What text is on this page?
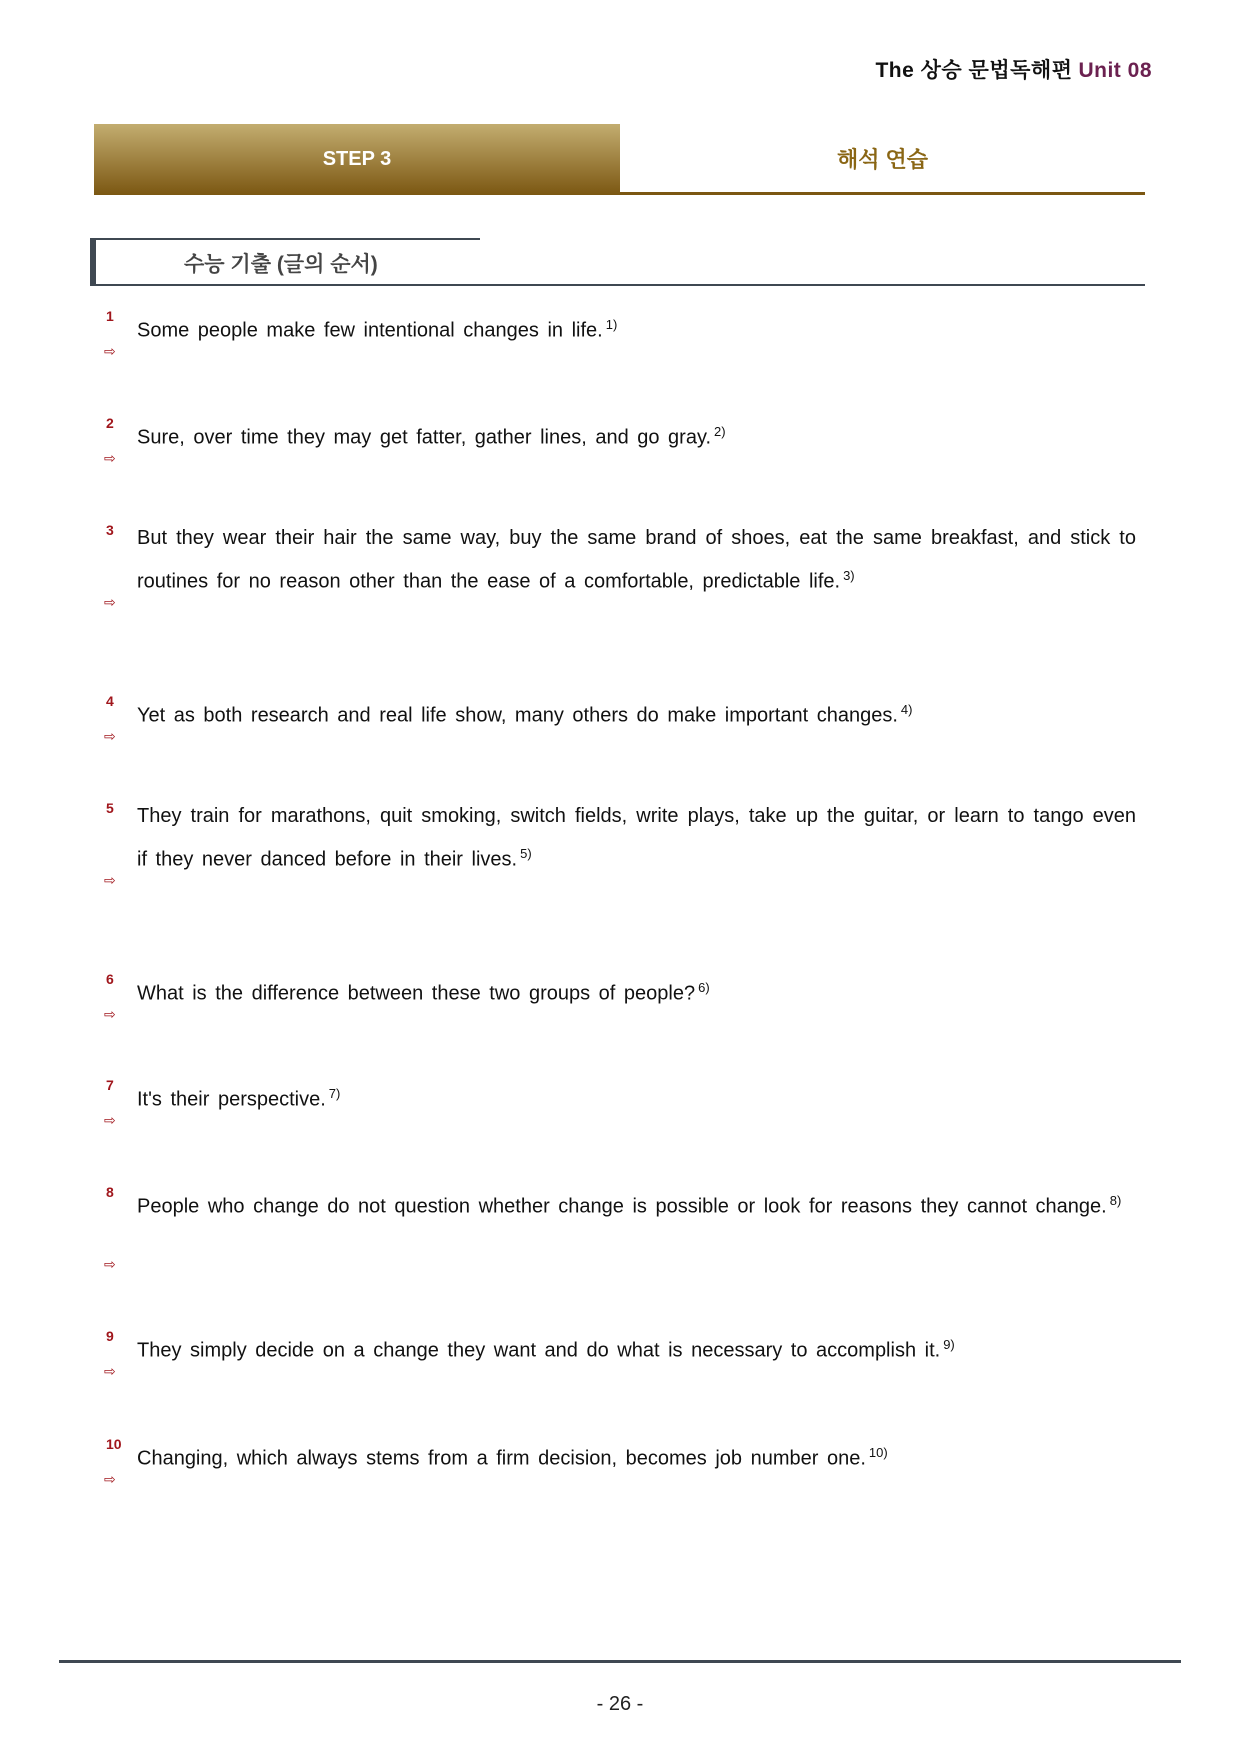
The 상승 문법독해편 Unit 08
STEP 3	해석 연습
수능 기출 (글의 순서)
1
Some people make few intentional changes in life. $^{1)}$
⇨
2
Sure, over time they may get fatter, gather lines, and go gray. $^{2)}$
⇨
3 But they wear their hair the same way, buy the same brand of shoes, eat the same breakfast, and stick to routines for no reason other than the ease of a comfortable, predictable life. $^{3)}$
⇨
4
Yet as both research and real life show, many others do make important changes. $^{4)}$
⇨
5 They train for marathons, quit smoking, switch fields, write plays, take up the guitar, or learn to tango even if they never danced before in their lives. $^{5)}$
⇨
6
What is the difference between these two groups of people? $^{6)}$
⇨
7
It's their perspective. $^{7)}$
⇨
8
People who change do not question whether change is possible or look for reasons they cannot change. $^{8)}$
⇨
9
They simply decide on a change they want and do what is necessary to accomplish it. $^{9)}$
⇨
10
Changing, which always stems from a firm decision, becomes job number one. $^{10)}$
⇨
- 26 -
